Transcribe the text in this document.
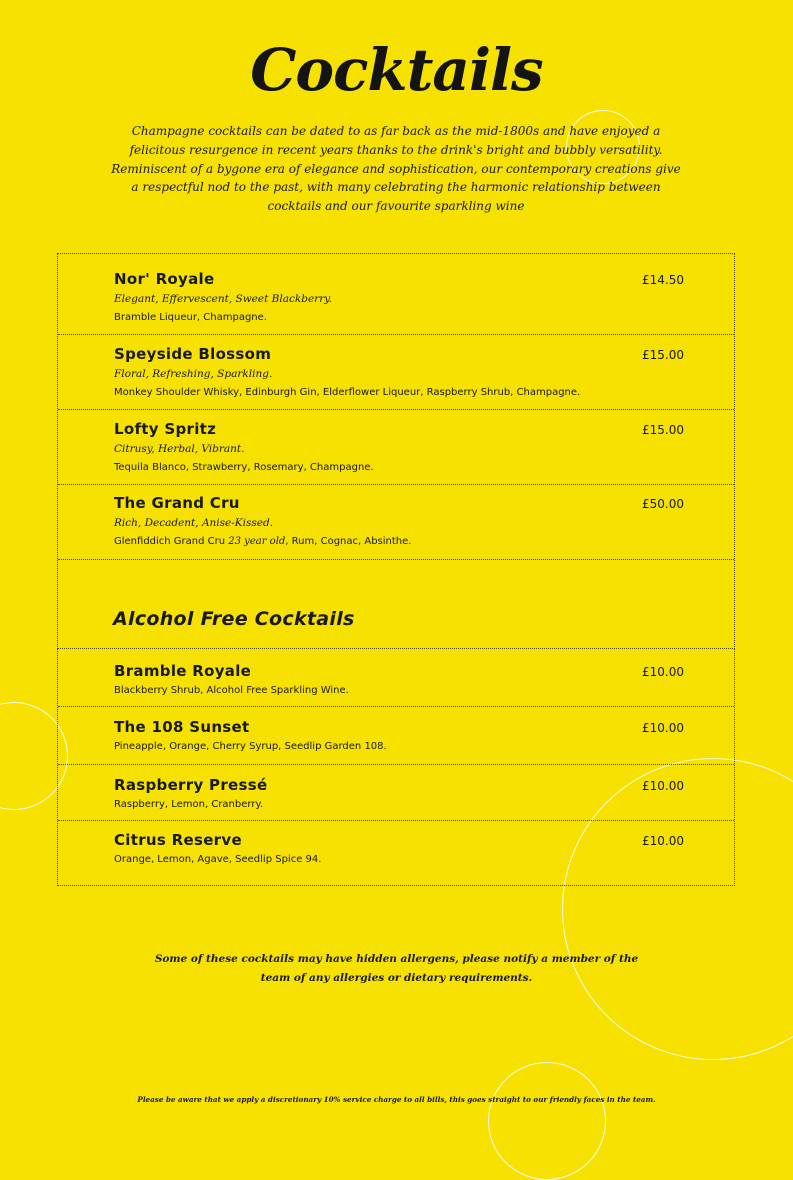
Cocktails

Champagne cocktails can be dated to as far back as the mid-1800s and have enjoyed a felicitous resurgence in recent years thanks to the drink's bright and bubbly versatility. Reminiscent of a bygone era of elegance and sophistication, our contemporary creations give a respectful nod to the past, with many celebrating the harmonic relationship between cocktails and our favourite sparkling wine

Nor' Royale	£14.50
Elegant, Effervescent, Sweet Blackberry.
Bramble Liqueur, Champagne.
Speyside Blossom	£15.00
Floral, Refreshing, Sparkling.
Monkey Shoulder Whisky, Edinburgh Gin, Elderflower Liqueur, Raspberry Shrub, Champagne.
Lofty Spritz	£15.00
Citrusy, Herbal, Vibrant.
Tequila Blanco, Strawberry, Rosemary, Champagne.
The Grand Cru	£50.00
Rich, Decadent, Anise-Kissed.
Glenfiddich Grand Cru 23 year old, Rum, Cognac, Absinthe.
Alcohol Free Cocktails
Bramble Royale	£10.00
Blackberry Shrub, Alcohol Free Sparkling Wine.
The 108 Sunset	£10.00
Pineapple, Orange, Cherry Syrup, Seedlip Garden 108.
Raspberry Pressé	£10.00
Raspberry, Lemon, Cranberry.
Citrus Reserve	£10.00
Orange, Lemon, Agave, Seedlip Spice 94.

Some of these cocktails may have hidden allergens, please notify a member of the team of any allergies or dietary requirements.

Please be aware that we apply a discretionary 10% service charge to all bills, this goes straight to our friendly faces in the team.
